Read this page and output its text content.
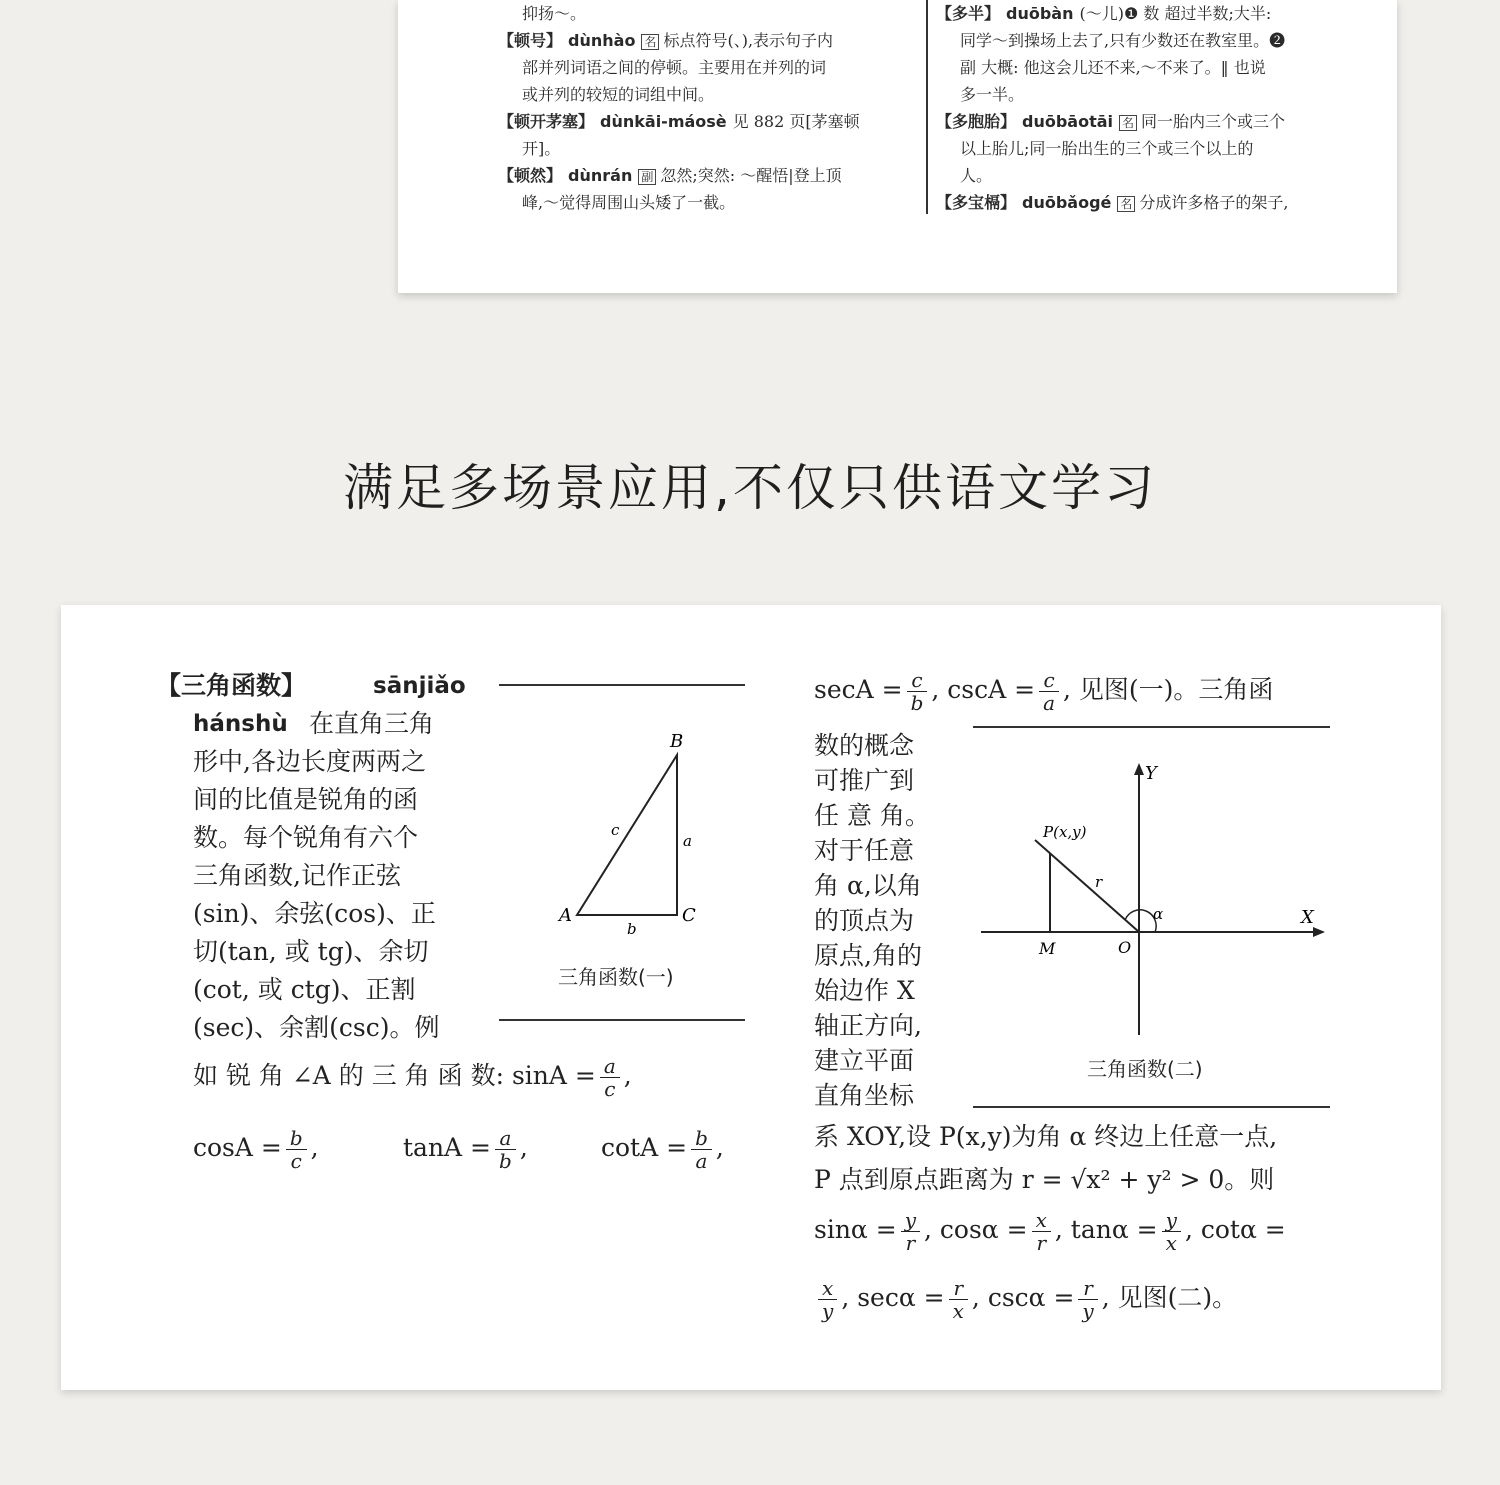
抑扬～。

【顿号】 dùnhào 名 标点符号(、),表示句子内
部并列词语之间的停顿。主要用在并列的词
或并列的较短的词组中间。

【顿开茅塞】 dùnkāi-máosè 见 882 页[茅塞顿
开]。

【顿然】 dùnrán 副 忽然;突然: ～醒悟|登上顶
峰,～觉得周围山头矮了一截。

【多半】 duōbàn (～儿)❶ 数 超过半数;大半:
同学～到操场上去了,只有少数还在教室里。❷
副 大概: 他这会儿还不来,～不来了。‖ 也说
多一半。

【多胞胎】 duōbāotāi 名 同一胎内三个或三个
以上胎儿;同一胎出生的三个或三个以上的
人。

【多宝槅】 duōbǎogé 名 分成许多格子的架子,

满足多场景应用,不仅只供语文学习
【三角函数】	sānjiǎo
hánshù 在直角三角
形中,各边长度两两之
间的比值是锐角的函
数。每个锐角有六个
三角函数,记作正弦
(sin)、余弦(cos)、正
切(tan, 或 tg)、余切
(cot, 或 ctg)、正割
(sec)、余割(csc)。例
A
B
C
a
b
c
三角函数(一)
如 锐 角 ∠A 的 三 角 函 数: $\sin A = \frac{a}{c}$ ,
$\cos A = \frac{b}{c}$ ,	$\tan A = \frac{a}{b}$ ,	$\cot A = \frac{b}{a}$ ,
$\sec A = \frac{c}{b}$ , $\csc A = \frac{c}{a}$ , 见图(一)。三角函
数的概念
可推广到
任 意 角。
对于任意
角 α,以角
的顶点为
原点,角的
始边作 X
轴正方向,
建立平面
直角坐标
Y
X
P(x,y)
r
M	O
α
三角函数(二)
系 XOY,设 P(x,y)为角 α 终边上任意一点,
P 点到原点距离为 r = √x² + y² > 0。则
$\sin\alpha = \frac{y}{r}$ , $\cos\alpha = \frac{x}{r}$ , $\tan\alpha = \frac{y}{x}$ , cotα =
$\frac{x}{y}$ , $\sec\alpha = \frac{r}{x}$ , $\csc\alpha = \frac{r}{y}$ , 见图(二)。
